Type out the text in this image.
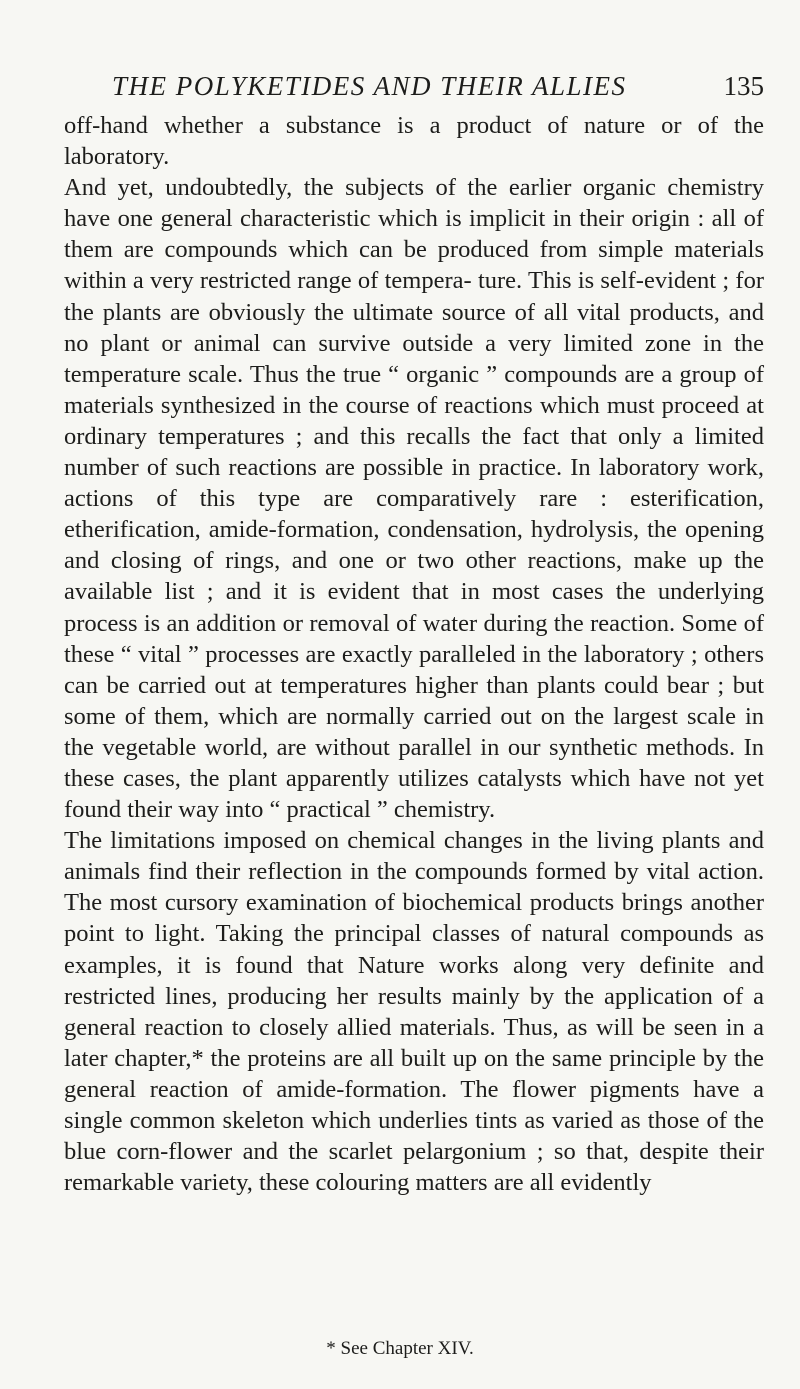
THE POLYKETIDES AND THEIR ALLIES	135

off-hand whether a substance is a product of nature or of the laboratory.

And yet, undoubtedly, the subjects of the earlier organic chemistry have one general characteristic which is implicit in their origin : all of them are compounds which can be produced from simple materials within a very restricted range of tempera- ture. This is self-evident ; for the plants are obviously the ultimate source of all vital products, and no plant or animal can survive outside a very limited zone in the temperature scale. Thus the true “ organic ” compounds are a group of materials synthesized in the course of reactions which must proceed at ordinary temperatures ; and this recalls the fact that only a limited number of such reactions are possible in practice. In laboratory work, actions of this type are comparatively rare : esterification, etherification, amide-formation, condensation, hydrolysis, the opening and closing of rings, and one or two other reactions, make up the available list ; and it is evident that in most cases the underlying process is an addition or removal of water during the reaction. Some of these “ vital ” processes are exactly paralleled in the laboratory ; others can be carried out at temperatures higher than plants could bear ; but some of them, which are normally carried out on the largest scale in the vegetable world, are without parallel in our synthetic methods. In these cases, the plant apparently utilizes catalysts which have not yet found their way into “ practical ” chemistry.

The limitations imposed on chemical changes in the living plants and animals find their reflection in the compounds formed by vital action. The most cursory examination of biochemical products brings another point to light. Taking the principal classes of natural compounds as examples, it is found that Nature works along very definite and restricted lines, producing her results mainly by the application of a general reaction to closely allied materials. Thus, as will be seen in a later chapter,* the proteins are all built up on the same principle by the general reaction of amide-formation. The flower pigments have a single common skeleton which underlies tints as varied as those of the blue corn-flower and the scarlet pelargonium ; so that, despite their remarkable variety, these colouring matters are all evidently

* See Chapter XIV.
